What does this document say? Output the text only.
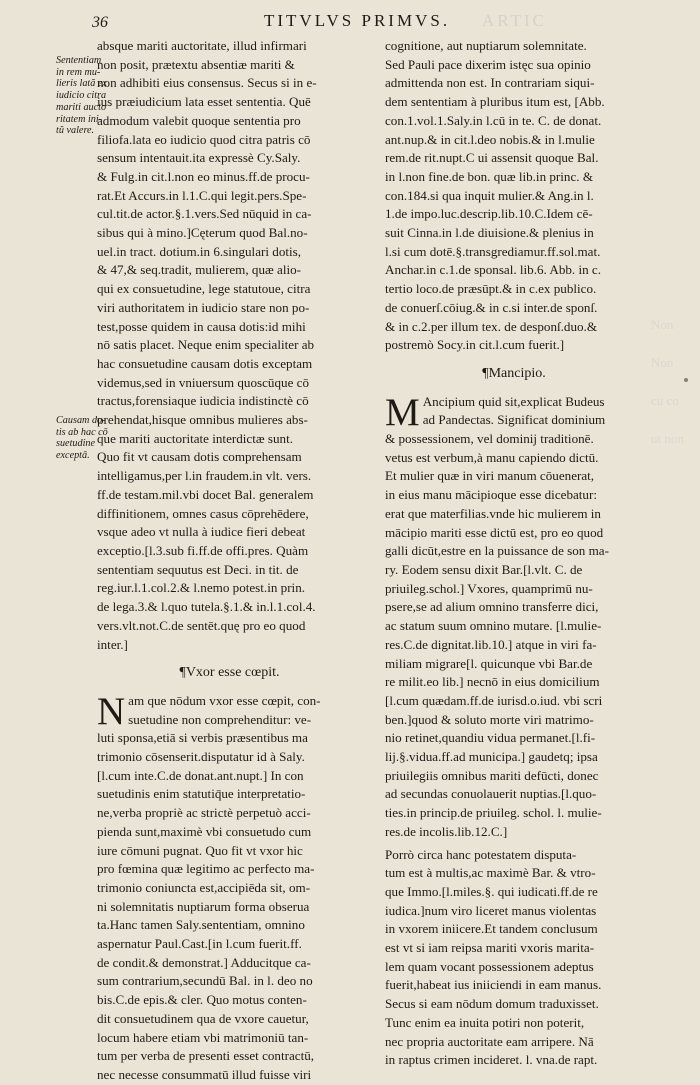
36	TITVLVS PRIMVS. ARTIC
Sententiam
in rem mu-
lieris lată ex
iudicio citra
mariti aucto
ritatem ini-
tŭ valere.
Causam do-
tis ab hac cō
suetudine
exceptā.

absque mariti auctoritate, illud infirmari
non posit, prætextu absentiæ mariti &
non adhibiti eius consensus. Secus si in e-
ius præiudicium lata esset sententia. Quē
admodum valebit quoque sententia pro
filiofa.lata eo iudicio quod citra patris cō
sensum intentauit.ita expressè Cy.Saly.
& Fulg.in cit.l.non eo minus.ff.de procu-
rat.Et Accurs.in l.1.C.qui legit.pers.Spe-
cul.tit.de actor.§.1.vers.Sed nūquid in ca-
sibus qui à mino.]Cęterum quod Bal.no-
uel.in tract. dotium.in 6.singulari dotis,
& 47,& seq.tradit, mulierem, quæ alio-
qui ex consuetudine, lege statutoue, citra
viri authoritatem in iudicio stare non po-
test,posse quidem in causa dotis:id mihi
nō satis placet. Neque enim specialiter ab
hac consuetudine causam dotis exceptam
videmus,sed in vniuersum quoscūque cō
tractus,forensiaque iudicia indistinctè cō
prehendat,hisque omnibus mulieres abs-
que mariti auctoritate interdictæ sunt.
Quo fit vt causam dotis comprehensam
intelligamus,per l.in fraudem.in vlt. vers.
ff.de testam.mil.vbi docet Bal. generalem
diffinitionem, omnes casus cōprehēdere,
vsque adeo vt nulla à iudice fieri debeat
exceptio.[l.3.sub fi.ff.de offi.pres. Quàm
sententiam sequutus est Deci. in tit. de
reg.iur.l.1.col.2.& l.nemo potest.in prin.
de lega.3.& l.quo tutela.§.1.& in.l.1.col.4.
vers.vlt.not.C.de sentēt.quę pro eo quod
inter.]

¶Vxor esse cœpit.

N am que nōdum vxor esse cœpit, con-
suetudine non comprehenditur: ve-
luti sponsa,etiā si verbis præsentibus ma
trimonio cōsenserit.disputatur id à Saly.
[l.cum inte.C.de donat.ant.nupt.] In con
suetudinis enim statutiq̄ue interpretatio-
ne,verba propriè ac strictè perpetuò acci-
pienda sunt,maximè vbi consuetudo cum
iure cōmuni pugnat. Quo fit vt vxor hic
pro fœmina quæ legitimo ac perfecto ma-
trimonio coniuncta est,accipiēda sit, om-
ni solemnitatis nuptiarum forma obserua
ta.Hanc tamen Saly.sententiam, omnino
aspernatur Paul.Cast.[in l.cum fuerit.ff.
de condit.& demonstrat.] Adducitque ca-
sum contrarium,secundū Bal. in l. deo no
bis.C.de epis.& cler. Quo motus conten-
dit consuetudinem qua de vxore cauetur,
locum habere etiam vbi matrimoniū tan-
tum per verba de presenti esset contractū,
nec necesse consummatū illud fuisse viri

cognitione, aut nuptiarum solemnitate.
Sed Pauli pace dixerim istęc sua opinio
admittenda non est. In contrariam siqui-
dem sententiam à pluribus itum est, [Abb.
con.1.vol.1.Saly.in l.cū in te. C. de donat.
ant.nup.& in cit.l.deo nobis.& in l.mulie
rem.de rit.nupt.C ui assensit quoque Bal.
in l.non fine.de bon. quæ lib.in princ. &
con.184.si qua inquit mulier.& Ang.in l.
1.de impo.luc.descrip.lib.10.C.Idem cē-
suit Cinna.in l.de diuisione.& plenius in
l.si cum dotē.§.transgrediamur.ff.sol.mat.
Anchar.in c.1.de sponsal. lib.6. Abb. in c.
tertio loco.de præsūpt.& in c.ex publico.
de conuerſ.cōiug.& in c.si inter.de sponſ.
& in c.2.per illum tex. de desponſ.duo.&
postremò Socy.in cit.l.cum fuerit.]

¶Mancipio.

M Ancipium quid sit,explicat Budeus
ad Pandectas. Significat dominium
& possessionem, vel dominij traditionē.
vetus est verbum,à manu capiendo dictū.
Et mulier quæ in viri manum cōuenerat,
in eius manu mācipioque esse dicebatur:
erat que materfilias.vnde hic mulierem in
mācipio mariti esse dictū est, pro eo quod
galli dicūt,estre en la puissance de son ma-
ry. Eodem sensu dixit Bar.[l.vlt. C. de
priuileg.schol.] Vxores, quamprimū nu-
psere,se ad alium omnino transferre dici,
ac statum suum omnino mutare. [l.mulie-
res.C.de dignitat.lib.10.] atque in viri fa-
miliam migrare[l. quicunque vbi Bar.de
re milit.eo lib.] necnō in eius domicilium
[l.cum quædam.ff.de iurisd.o.iud. vbi scri
ben.]quod & soluto morte viri matrimo-
nio retinet,quandiu vidua permanet.[l.fi-
lij.§.vidua.ff.ad municipa.] gaudetq; ipsa
priuilegiis omnibus mariti defūcti, donec
ad secundas conuolauerit nuptias.[l.quo-
ties.in princip.de priuileg. schol. l. mulie-
res.de incolis.lib.12.C.]

Porrò circa hanc potestatem disputa-
tum est à multis,ac maximè Bar. & vtro-
que Immo.[l.miles.§. qui iudicati.ff.de re
iudica.]num viro liceret manus violentas
in vxorem iniicere.Et tandem conclusum
est vt si iam reipsa mariti vxoris marita-
lem quam vocant possessionem adeptus
fuerit,habeat ius iniiciendi in eam manus.
Secus si eam nōdum domum traduxisset.
Tunc enim ea inuita potiri non poterit,
nec propria auctoritate eam arripere. Nā
in raptus crimen incideret. l. vna.de rapt.

Non
Non
cu co
ut non
